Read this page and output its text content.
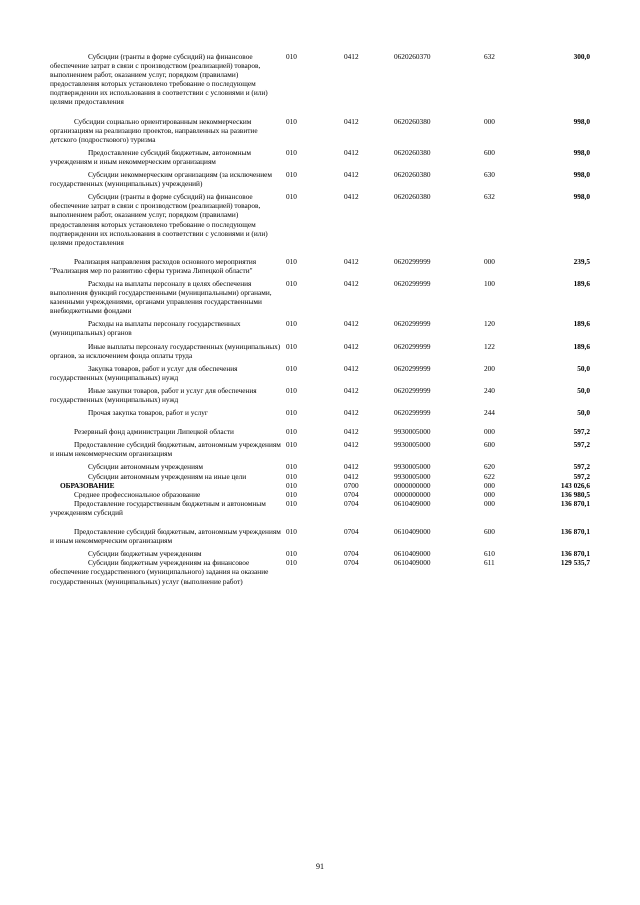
Субсидии (гранты в форме субсидий) на финансовое обеспечение затрат в связи с производством (реализацией) товаров, выполнением работ, оказанием услуг, порядком (правилами) предоставления которых установлено требование о последующем подтверждении их использования в соответствии с условиями и (или) целями предоставления	010	0412	0620260370	632	300,0
Субсидии социально ориентированным некоммерческим организациям на реализацию проектов, направленных на развитие детского (подросткового) туризма	010	0412	0620260380	000	998,0
Предоставление субсидий бюджетным, автономным учреждениям и иным некоммерческим организациям	010	0412	0620260380	600	998,0
Субсидии некоммерческим организациям (за исключением государственных (муниципальных) учреждений)	010	0412	0620260380	630	998,0
Субсидии (гранты в форме субсидий) на финансовое обеспечение затрат в связи с производством (реализацией) товаров, выполнением работ, оказанием услуг, порядком (правилами) предоставления которых установлено требование о последующем подтверждении их использования в соответствии с условиями и (или) целями предоставления	010	0412	0620260380	632	998,0
Реализация направления расходов основного мероприятия "Реализация мер по развитию сферы туризма Липецкой области"	010	0412	0620299999	000	239,5
Расходы на выплаты персоналу в целях обеспечения выполнения функций государственными (муниципальными) органами, казенными учреждениями, органами управления государственными внебюджетными фондами	010	0412	0620299999	100	189,6
Расходы на выплаты персоналу государственных (муниципальных) органов	010	0412	0620299999	120	189,6
Иные выплаты персоналу государственных (муниципальных) органов, за исключением фонда оплаты труда	010	0412	0620299999	122	189,6
Закупка товаров, работ и услуг для обеспечения государственных (муниципальных) нужд	010	0412	0620299999	200	50,0
Иные закупки товаров, работ и услуг для обеспечения государственных (муниципальных) нужд	010	0412	0620299999	240	50,0
Прочая закупка товаров, работ и услуг	010	0412	0620299999	244	50,0
Резервный фонд администрации Липецкой области	010	0412	9930005000	000	597,2
Предоставление субсидий бюджетным, автономным учреждениям и иным некоммерческим организациям	010	0412	9930005000	600	597,2
Субсидии автономным учреждениям	010	0412	9930005000	620	597,2
Субсидии автономным учреждениям на иные цели	010	0412	9930005000	622	597,2
ОБРАЗОВАНИЕ	010	0700	0000000000	000	143 026,6
Среднее профессиональное образование	010	0704	0000000000	000	136 980,5
Предоставление государственным бюджетным и автономным учреждениям субсидий	010	0704	0610409000	000	136 870,1
Предоставление субсидий бюджетным, автономным учреждениям и иным некоммерческим организациям	010	0704	0610409000	600	136 870,1
Субсидии бюджетным учреждениям	010	0704	0610409000	610	136 870,1
Субсидии бюджетным учреждениям на финансовое обеспечение государственного (муниципального) задания на оказание государственных (муниципальных) услуг (выполнение работ)	010	0704	0610409000	611	129 535,7
91
